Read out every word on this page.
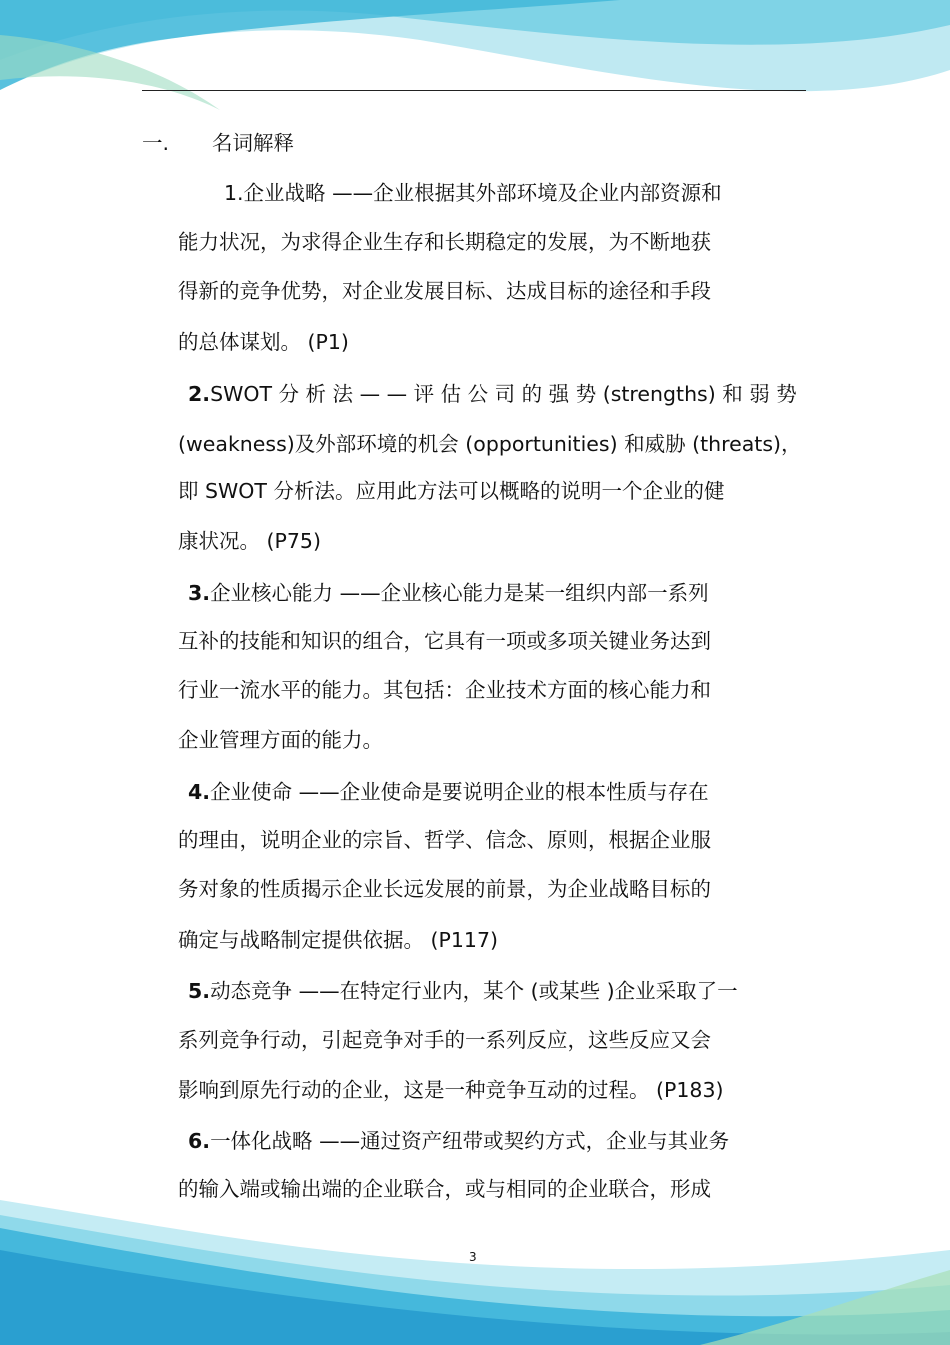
一. 名词解释
1.企业战略 ——企业根据其外部环境及企业内部资源和
能力状况，为求得企业生存和长期稳定的发展，为不断地获
得新的竞争优势，对企业发展目标、达成目标的途径和手段
的总体谋划。 (P1)
2.SWOT 分 析 法 — — 评 估 公 司 的 强 势 (strengths) 和 弱 势
(weakness)及外部环境的机会 (opportunities) 和威胁 (threats)，
即 SWOT 分析法。应用此方法可以概略的说明一个企业的健
康状况。 (P75)
3.企业核心能力 ——企业核心能力是某一组织内部一系列
互补的技能和知识的组合，它具有一项或多项关键业务达到
行业一流水平的能力。其包括：企业技术方面的核心能力和
企业管理方面的能力。
4.企业使命 ——企业使命是要说明企业的根本性质与存在
的理由，说明企业的宗旨、哲学、信念、原则，根据企业服
务对象的性质揭示企业长远发展的前景，为企业战略目标的
确定与战略制定提供依据。 (P117)
5.动态竞争 ——在特定行业内，某个 (或某些 )企业采取了一
系列竞争行动，引起竞争对手的一系列反应，这些反应又会
影响到原先行动的企业，这是一种竞争互动的过程。 (P183)
6.一体化战略 ——通过资产纽带或契约方式，企业与其业务
的输入端或输出端的企业联合，或与相同的企业联合，形成
3
